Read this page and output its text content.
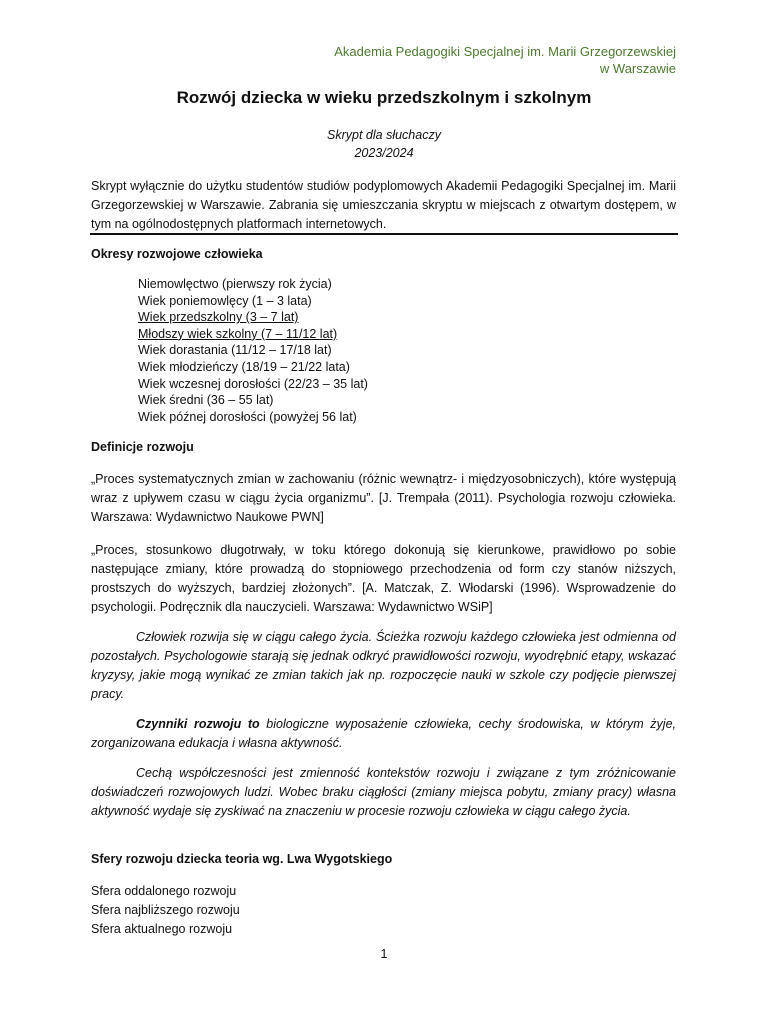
Akademia Pedagogiki Specjalnej im. Marii Grzegorzewskiej
w Warszawie
Rozwój dziecka w wieku przedszkolnym i szkolnym
Skrypt dla słuchaczy
2023/2024
Skrypt wyłącznie do użytku studentów studiów podyplomowych Akademii Pedagogiki Specjalnej im. Marii Grzegorzewskiej w Warszawie. Zabrania się umieszczania skryptu w miejscach z otwartym dostępem, w tym na ogólnodostępnych platformach internetowych.
Okresy rozwojowe człowieka
Niemowlęctwo (pierwszy rok życia)
Wiek poniemowlęcy (1 – 3 lata)
Wiek przedszkolny (3 – 7 lat)
Młodszy wiek szkolny (7 – 11/12 lat)
Wiek dorastania (11/12 – 17/18 lat)
Wiek młodzieńczy (18/19 – 21/22 lata)
Wiek wczesnej dorosłości (22/23 – 35 lat)
Wiek średni (36 – 55 lat)
Wiek późnej dorosłości (powyżej 56 lat)
Definicje rozwoju

„Proces systematycznych zmian w zachowaniu (różnic wewnątrz- i międzyosobniczych), które występują wraz z upływem czasu w ciągu życia organizmu”. [J. Trempała (2011). Psychologia rozwoju człowieka. Warszawa: Wydawnictwo Naukowe PWN]

„Proces, stosunkowo długotrwały, w toku którego dokonują się kierunkowe, prawidłowo po sobie następujące zmiany, które prowadzą do stopniowego przechodzenia od form czy stanów niższych, prostszych do wyższych, bardziej złożonych”. [A. Matczak, Z. Włodarski (1996). Wsprowadzenie do psychologii. Podręcznik dla nauczycieli. Warszawa: Wydawnictwo WSiP]

Człowiek rozwija się w ciągu całego życia. Ścieżka rozwoju każdego człowieka jest odmienna od pozostałych. Psychologowie starają się jednak odkryć prawidłowości rozwoju, wyodrębnić etapy, wskazać kryzysy, jakie mogą wynikać ze zmian takich jak np. rozpoczęcie nauki w szkole czy podjęcie pierwszej pracy.

Czynniki rozwoju to biologiczne wyposażenie człowieka, cechy środowiska, w którym żyje, zorganizowana edukacja i własna aktywność.

Cechą współczesności jest zmienność kontekstów rozwoju i związane z tym zróżnicowanie doświadczeń rozwojowych ludzi. Wobec braku ciągłości (zmiany miejsca pobytu, zmiany pracy) własna aktywność wydaje się zyskiwać na znaczeniu w procesie rozwoju człowieka w ciągu całego życia.

Sfery rozwoju dziecka teoria wg. Lwa Wygotskiego
Sfera oddalonego rozwoju
Sfera najbliższego rozwoju
Sfera aktualnego rozwoju
1
